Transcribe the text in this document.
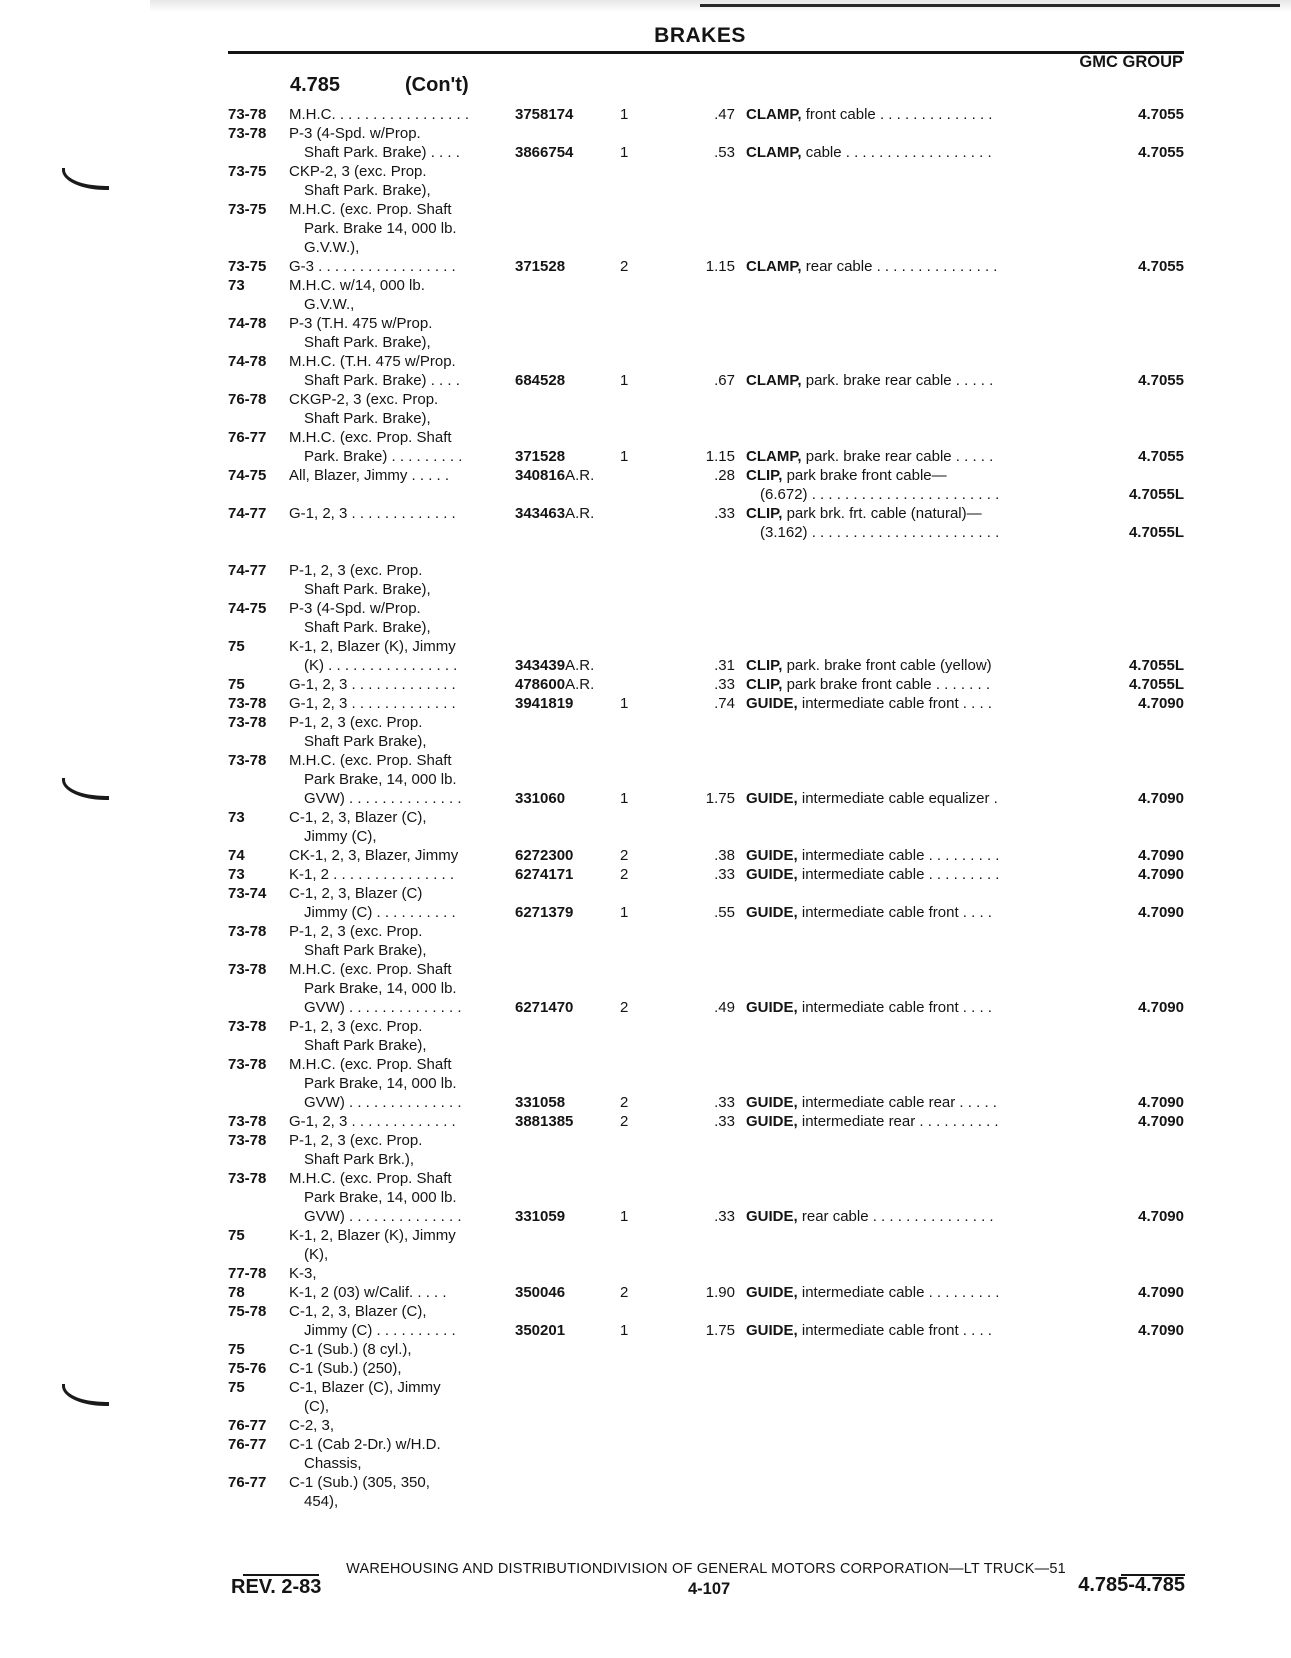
BRAKES
GMC GROUP
4.785	(Con't)
73-78	M.H.C. . . . . . . . . . . . . . . . .	3758174	1	.47 CLAMP, front cable . . . . . . . . . . . . . .	4.7055
73-78	P-3 (4-Spd. w/Prop.
Shaft Park. Brake) . . . .	3866754	1	.53 CLAMP, cable . . . . . . . . . . . . . . . . . .	4.7055
73-75	CKP-2, 3 (exc. Prop.
Shaft Park. Brake),
73-75	M.H.C. (exc. Prop. Shaft
Park. Brake 14, 000 lb.
G.V.W.),
73-75	G-3 . . . . . . . . . . . . . . . . .	371528	2	1.15 CLAMP, rear cable . . . . . . . . . . . . . . .	4.7055
73	M.H.C. w/14, 000 lb.
G.V.W.,
74-78	P-3 (T.H. 475 w/Prop.
Shaft Park. Brake),
74-78	M.H.C. (T.H. 475 w/Prop.
Shaft Park. Brake) . . . .	684528	1	.67 CLAMP, park. brake rear cable . . . . .	4.7055
76-78	CKGP-2, 3 (exc. Prop.
Shaft Park. Brake),
76-77	M.H.C. (exc. Prop. Shaft
Park. Brake) . . . . . . . . .	371528	1	1.15 CLAMP, park. brake rear cable . . . . .	4.7055
74-75	All, Blazer, Jimmy . . . . .	340816A.R.	.28 CLIP, park brake front cable—
(6.672) . . . . . . . . . . . . . . . . . . . . . . .	4.7055L
74-77	G-1, 2, 3 . . . . . . . . . . . . .	343463A.R.	.33 CLIP, park brk. frt. cable (natural)—
(3.162) . . . . . . . . . . . . . . . . . . . . . . .	4.7055L
74-77	P-1, 2, 3 (exc. Prop.
Shaft Park. Brake),
74-75	P-3 (4-Spd. w/Prop.
Shaft Park. Brake),
75	K-1, 2, Blazer (K), Jimmy
(K) . . . . . . . . . . . . . . . .	343439A.R.	.31 CLIP, park. brake front cable (yellow)	4.7055L
75	G-1, 2, 3 . . . . . . . . . . . . .	478600A.R.	.33 CLIP, park brake front cable . . . . . . .	4.7055L
73-78	G-1, 2, 3 . . . . . . . . . . . . .	3941819	1	.74 GUIDE, intermediate cable front . . . .	4.7090
73-78	P-1, 2, 3 (exc. Prop.
Shaft Park Brake),
73-78	M.H.C. (exc. Prop. Shaft
Park Brake, 14, 000 lb.
GVW) . . . . . . . . . . . . . .	331060	1	1.75 GUIDE, intermediate cable equalizer .	4.7090
73	C-1, 2, 3, Blazer (C),
Jimmy (C),
74	CK-1, 2, 3, Blazer, Jimmy	6272300	2	.38 GUIDE, intermediate cable . . . . . . . . .	4.7090
73	K-1, 2 . . . . . . . . . . . . . . .	6274171	2	.33 GUIDE, intermediate cable . . . . . . . . .	4.7090
73-74	C-1, 2, 3, Blazer (C)
Jimmy (C) . . . . . . . . . .	6271379	1	.55 GUIDE, intermediate cable front . . . .	4.7090
73-78	P-1, 2, 3 (exc. Prop.
Shaft Park Brake),
73-78	M.H.C. (exc. Prop. Shaft
Park Brake, 14, 000 lb.
GVW) . . . . . . . . . . . . . .	6271470	2	.49 GUIDE, intermediate cable front . . . .	4.7090
73-78	P-1, 2, 3 (exc. Prop.
Shaft Park Brake),
73-78	M.H.C. (exc. Prop. Shaft
Park Brake, 14, 000 lb.
GVW) . . . . . . . . . . . . . .	331058	2	.33 GUIDE, intermediate cable rear . . . . .	4.7090
73-78	G-1, 2, 3 . . . . . . . . . . . . .	3881385	2	.33 GUIDE, intermediate rear . . . . . . . . . .	4.7090
73-78	P-1, 2, 3 (exc. Prop.
Shaft Park Brk.),
73-78	M.H.C. (exc. Prop. Shaft
Park Brake, 14, 000 lb.
GVW) . . . . . . . . . . . . . .	331059	1	.33 GUIDE, rear cable . . . . . . . . . . . . . . .	4.7090
75	K-1, 2, Blazer (K), Jimmy
(K),
77-78	K-3,
78	K-1, 2 (03) w/Calif. . . . .	350046	2	1.90 GUIDE, intermediate cable . . . . . . . . .	4.7090
75-78	C-1, 2, 3, Blazer (C),
Jimmy (C) . . . . . . . . . .	350201	1	1.75 GUIDE, intermediate cable front . . . .	4.7090
75	C-1 (Sub.) (8 cyl.),
75-76	C-1 (Sub.) (250),
75	C-1, Blazer (C), Jimmy
(C),
76-77	C-2, 3,
76-77	C-1 (Cab 2-Dr.) w/H.D.
Chassis,
76-77	C-1 (Sub.) (305, 350,
454),
WAREHOUSING AND DISTRIBUTIONDIVISION OF GENERAL MOTORS CORPORATION—LT TRUCK—51
REV. 2-83	4-107	4.785-4.785
